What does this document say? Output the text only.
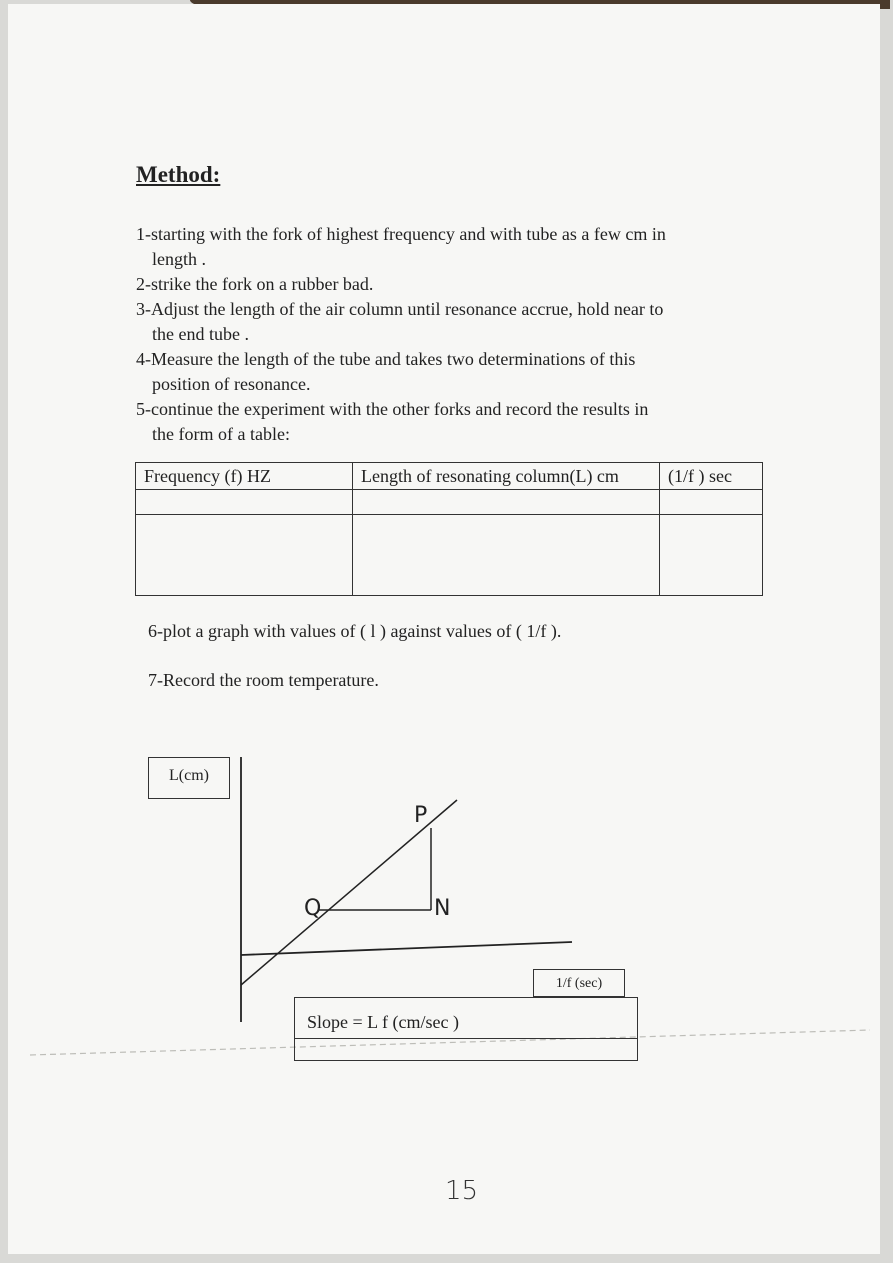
Method:
1-starting with the fork of highest frequency and with tube as a few cm in
length .
2-strike the fork on a rubber bad.
3-Adjust the length of the air column until resonance accrue, hold near to
the end tube .
4-Measure the length of the tube and takes two determinations of this
position of resonance.
5-continue the experiment with the other forks and record the results in
the form of a table:
Frequency (f) HZ	Length of resonating column(L) cm	(1/f ) sec

6-plot a graph with values of ( l ) against values of ( 1/f ).
7-Record the room temperature.
L(cm)
P
Q	N
1/f (sec)
Slope = L f (cm/sec )
15
